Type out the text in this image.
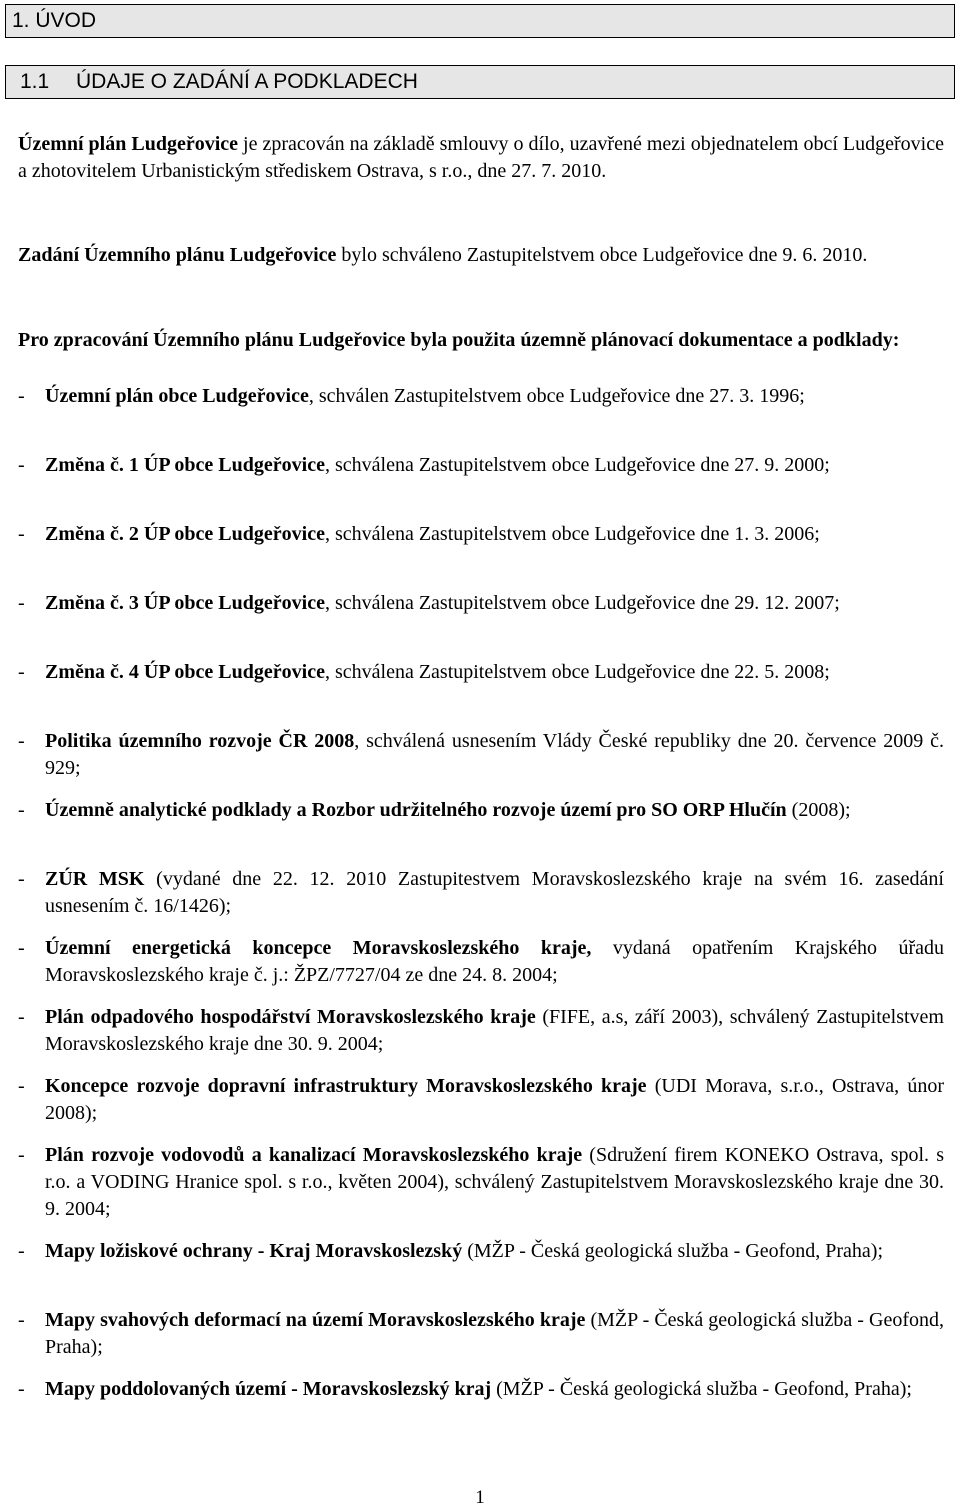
1. ÚVOD
1.1 ÚDAJE O ZADÁNÍ A PODKLADECH

Územní plán Ludgeřovice je zpracován na základě smlouvy o dílo, uzavřené mezi objednatelem obcí Ludgeřovice a zhotovitelem Urbanistickým střediskem Ostrava, s r.o., dne 27. 7. 2010.

Zadání Územního plánu Ludgeřovice bylo schváleno Zastupitelstvem obce Ludgeřovice dne 9. 6. 2010.

Pro zpracování Územního plánu Ludgeřovice byla použita územně plánovací dokumentace a podklady:

-	Územní plán obce Ludgeřovice, schválen Zastupitelstvem obce Ludgeřovice dne 27. 3. 1996;

-	Změna č. 1 ÚP obce Ludgeřovice, schválena Zastupitelstvem obce Ludgeřovice dne 27. 9. 2000;

-	Změna č. 2 ÚP obce Ludgeřovice, schválena Zastupitelstvem obce Ludgeřovice dne 1. 3. 2006;

-	Změna č. 3 ÚP obce Ludgeřovice, schválena Zastupitelstvem obce Ludgeřovice dne 29. 12. 2007;

-	Změna č. 4 ÚP obce Ludgeřovice, schválena Zastupitelstvem obce Ludgeřovice dne 22. 5. 2008;

-	Politika územního rozvoje ČR 2008, schválená usnesením Vlády České republiky dne 20. července 2009 č. 929;

-	Územně analytické podklady a Rozbor udržitelného rozvoje území pro SO ORP Hlučín (2008);

-	ZÚR MSK (vydané dne 22. 12. 2010 Zastupitestvem Moravskoslezského kraje na svém 16. zasedání usnesením č. 16/1426);

-	Územní energetická koncepce Moravskoslezského kraje, vydaná opatřením Krajského úřadu Moravskoslezského kraje č. j.: ŽPZ/7727/04 ze dne 24. 8. 2004;

-	Plán odpadového hospodářství Moravskoslezského kraje (FIFE, a.s, září 2003), schválený Zastupitelstvem Moravskoslezského kraje dne 30. 9. 2004;

-	Koncepce rozvoje dopravní infrastruktury Moravskoslezského kraje (UDI Morava, s.r.o., Ostrava, únor 2008);

-	Plán rozvoje vodovodů a kanalizací Moravskoslezského kraje (Sdružení firem KONEKO Ostrava, spol. s r.o. a VODING Hranice spol. s r.o., květen 2004), schválený Zastupitelstvem Moravskoslezského kraje dne 30. 9. 2004;

-	Mapy ložiskové ochrany - Kraj Moravskoslezský (MŽP - Česká geologická služba - Geofond, Praha);

-	Mapy svahových deformací na území Moravskoslezského kraje (MŽP - Česká geologická služba - Geofond, Praha);

-	Mapy poddolovaných území - Moravskoslezský kraj (MŽP - Česká geologická služba - Geofond, Praha);

1
